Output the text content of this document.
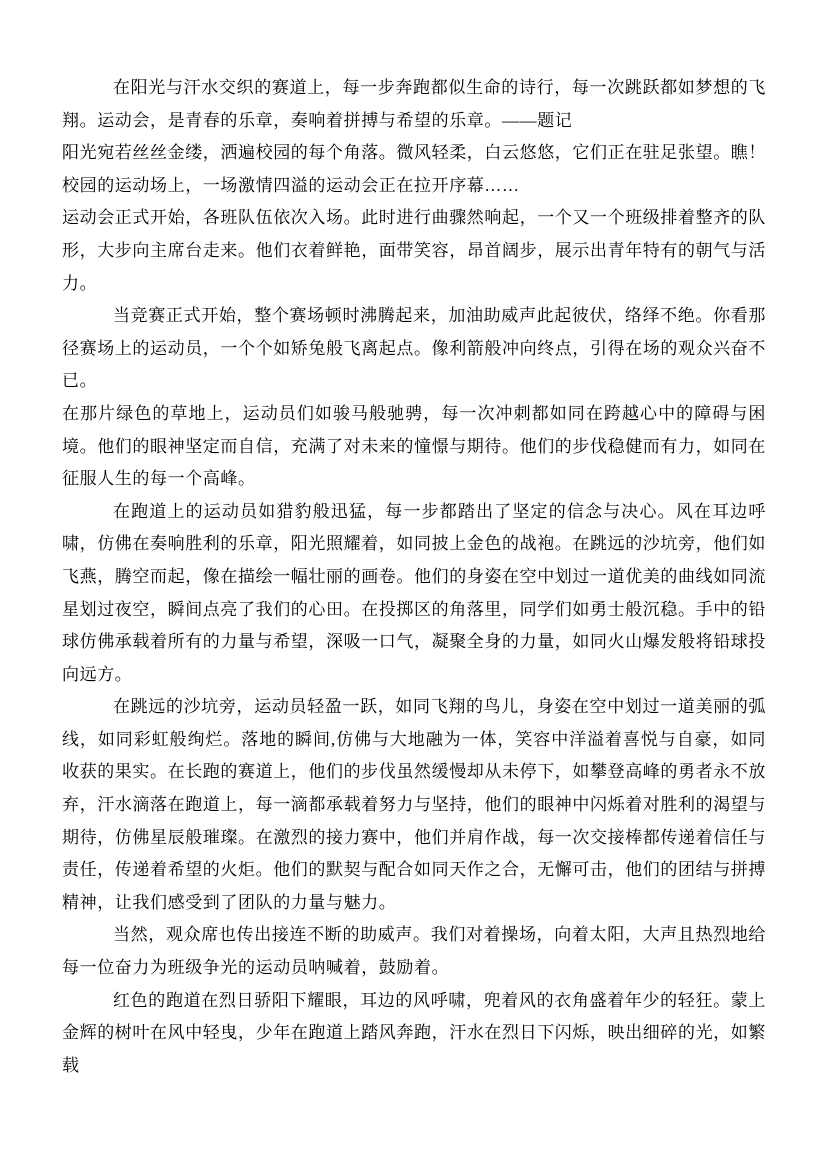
在阳光与汗水交织的赛道上，每一步奔跑都似生命的诗行，每一次跳跃都如梦想的飞翔。运动会，是青春的乐章，奏响着拼搏与希望的乐章。——题记

阳光宛若丝丝金缕，洒遍校园的每个角落。微风轻柔，白云悠悠，它们正在驻足张望。瞧！校园的运动场上，一场激情四溢的运动会正在拉开序幕……

运动会正式开始，各班队伍依次入场。此时进行曲骤然响起，一个又一个班级排着整齐的队形，大步向主席台走来。他们衣着鲜艳，面带笑容，昂首阔步，展示出青年特有的朝气与活力。

当竞赛正式开始，整个赛场顿时沸腾起来，加油助威声此起彼伏，络绎不绝。你看那径赛场上的运动员，一个个如矫兔般飞离起点。像利箭般冲向终点，引得在场的观众兴奋不已。

在那片绿色的草地上，运动员们如骏马般驰骋，每一次冲刺都如同在跨越心中的障碍与困境。他们的眼神坚定而自信，充满了对未来的憧憬与期待。他们的步伐稳健而有力，如同在征服人生的每一个高峰。

在跑道上的运动员如猎豹般迅猛，每一步都踏出了坚定的信念与决心。风在耳边呼啸，仿佛在奏响胜利的乐章，阳光照耀着，如同披上金色的战袍。在跳远的沙坑旁，他们如飞燕，腾空而起，像在描绘一幅壮丽的画卷。他们的身姿在空中划过一道优美的曲线如同流星划过夜空，瞬间点亮了我们的心田。在投掷区的角落里，同学们如勇士般沉稳。手中的铅球仿佛承载着所有的力量与希望，深吸一口气，凝聚全身的力量，如同火山爆发般将铅球投向远方。

在跳远的沙坑旁，运动员轻盈一跃，如同飞翔的鸟儿，身姿在空中划过一道美丽的弧线，如同彩虹般绚烂。落地的瞬间,仿佛与大地融为一体，笑容中洋溢着喜悦与自豪，如同收获的果实。在长跑的赛道上，他们的步伐虽然缓慢却从未停下，如攀登高峰的勇者永不放弃，汗水滴落在跑道上，每一滴都承载着努力与坚持，他们的眼神中闪烁着对胜利的渴望与期待，仿佛星辰般璀璨。在激烈的接力赛中，他们并肩作战，每一次交接棒都传递着信任与责任，传递着希望的火炬。他们的默契与配合如同天作之合，无懈可击，他们的团结与拼搏精神，让我们感受到了团队的力量与魅力。

当然，观众席也传出接连不断的助威声。我们对着操场，向着太阳，大声且热烈地给每一位奋力为班级争光的运动员呐喊着，鼓励着。

红色的跑道在烈日骄阳下耀眼，耳边的风呼啸，兜着风的衣角盛着年少的轻狂。蒙上金辉的树叶在风中轻曳，少年在跑道上踏风奔跑，汗水在烈日下闪烁，映出细碎的光，如繁载
